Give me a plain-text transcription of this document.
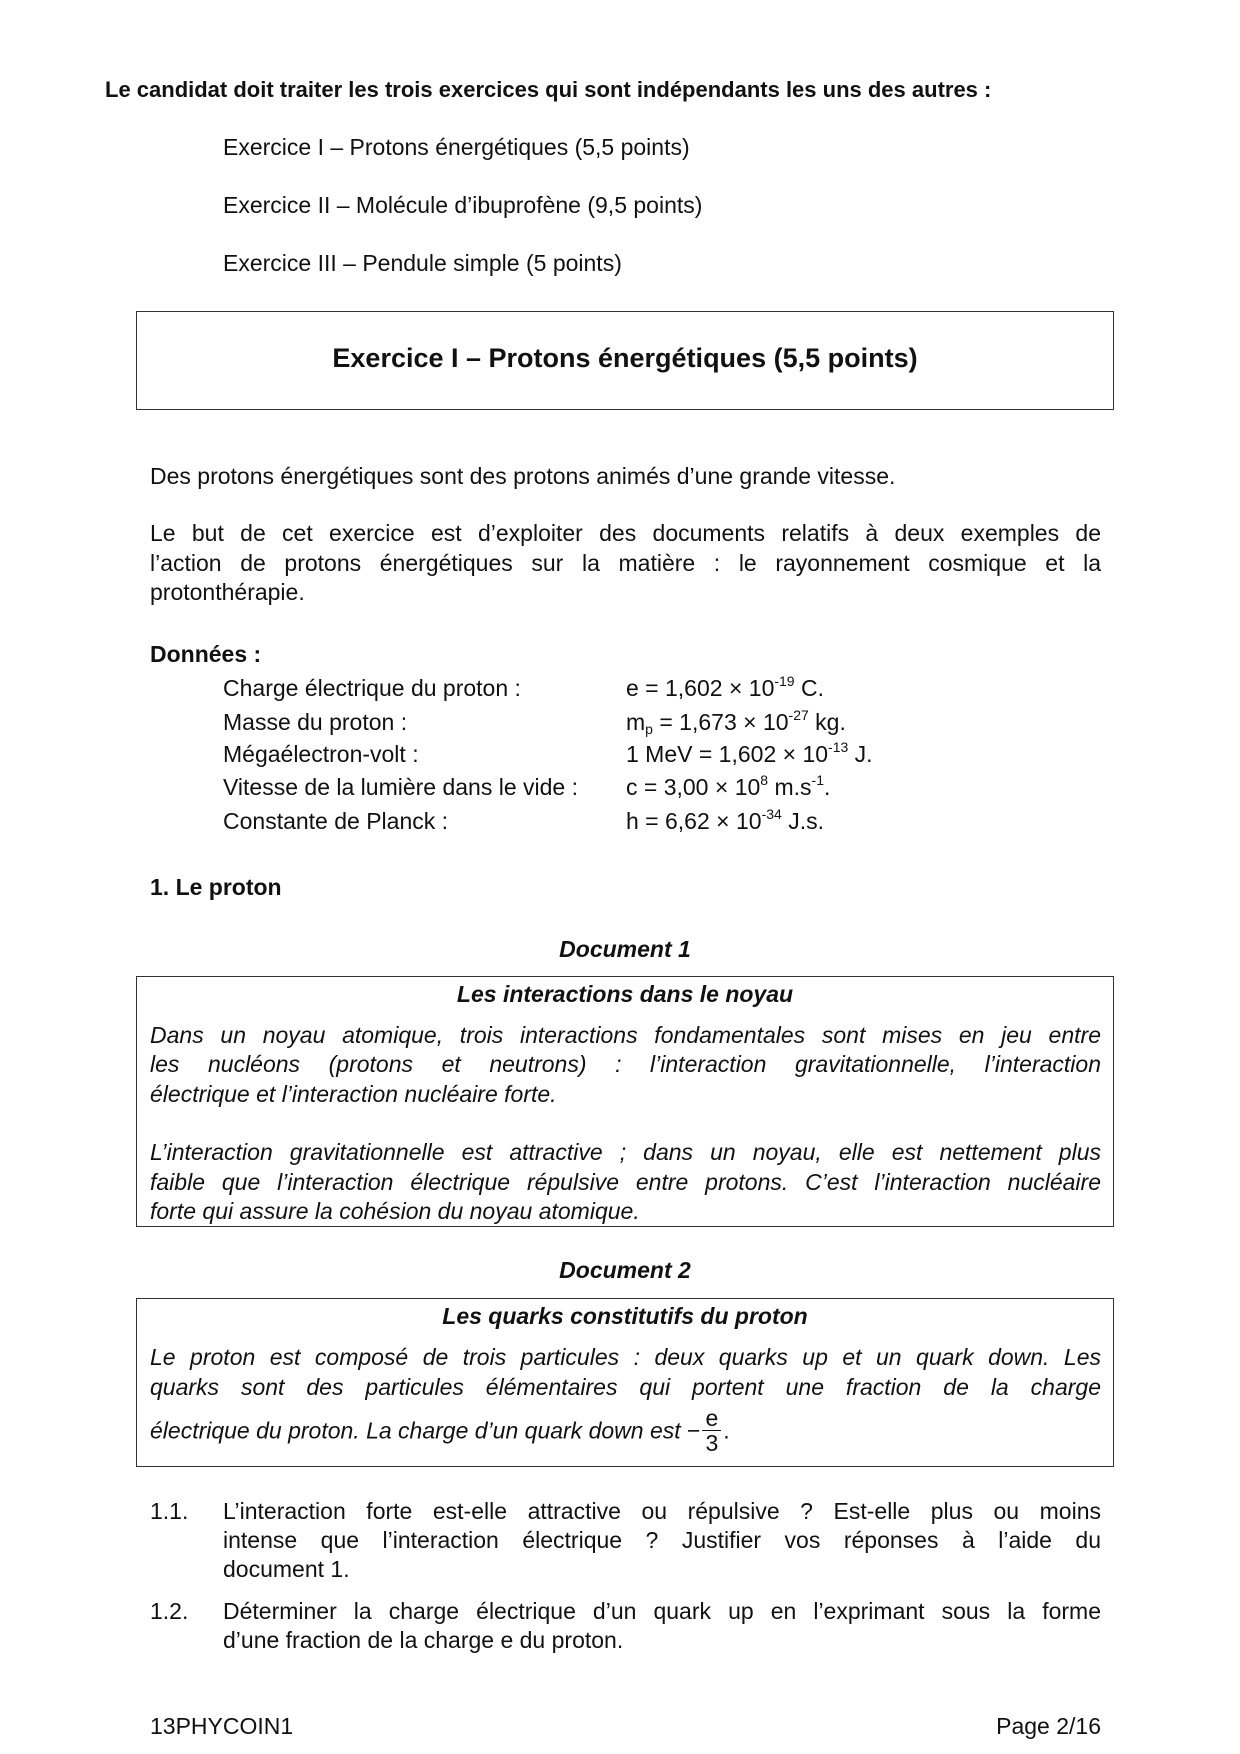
Le candidat doit traiter les trois exercices qui sont indépendants les uns des autres :
Exercice I – Protons énergétiques (5,5 points)
Exercice II – Molécule d’ibuprofène (9,5 points)
Exercice III – Pendule simple (5 points)
Exercice I – Protons énergétiques (5,5 points)
Des protons énergétiques sont des protons animés d’une grande vitesse.
Le but de cet exercice est d’exploiter des documents relatifs à deux exemples de
l’action de protons énergétiques sur la matière : le rayonnement cosmique et la
protonthérapie.
Données :
Charge électrique du proton :	$e = 1,602 \times 10^{-19}$ C.
Masse du proton :	$m_p = 1,673 \times 10^{-27}$ kg.
Mégaélectron-volt :	1 MeV = $1,602 \times 10^{-13}$ J.
Vitesse de la lumière dans le vide : $c = 3,00 \times 10^8$ $m.s^{-1}$.
Constante de Planck :	$h = 6,62 \times 10^{-34}$ J.s.
1. Le proton
Document 1
Les interactions dans le noyau
Dans un noyau atomique, trois interactions fondamentales sont mises en jeu entre
les nucléons (protons et neutrons) : l’interaction gravitationnelle, l’interaction
électrique et l’interaction nucléaire forte.
L’interaction gravitationnelle est attractive ; dans un noyau, elle est nettement plus
faible que l’interaction électrique répulsive entre protons. C’est l’interaction nucléaire
forte qui assure la cohésion du noyau atomique.
Document 2
Les quarks constitutifs du proton
Le proton est composé de trois particules : deux quarks up et un quark down. Les
quarks sont des particules élémentaires qui portent une fraction de la charge
électrique du proton. La charge d’un quark down est − $\frac{e}{3}$ .
1.1. L’interaction forte est-elle attractive ou répulsive ? Est-elle plus ou moins
intense que l’interaction électrique ? Justifier vos réponses à l’aide du
document 1.
1.2. Déterminer la charge électrique d’un quark up en l’exprimant sous la forme
d’une fraction de la charge e du proton.
13PHYCOIN1	Page 2/16
